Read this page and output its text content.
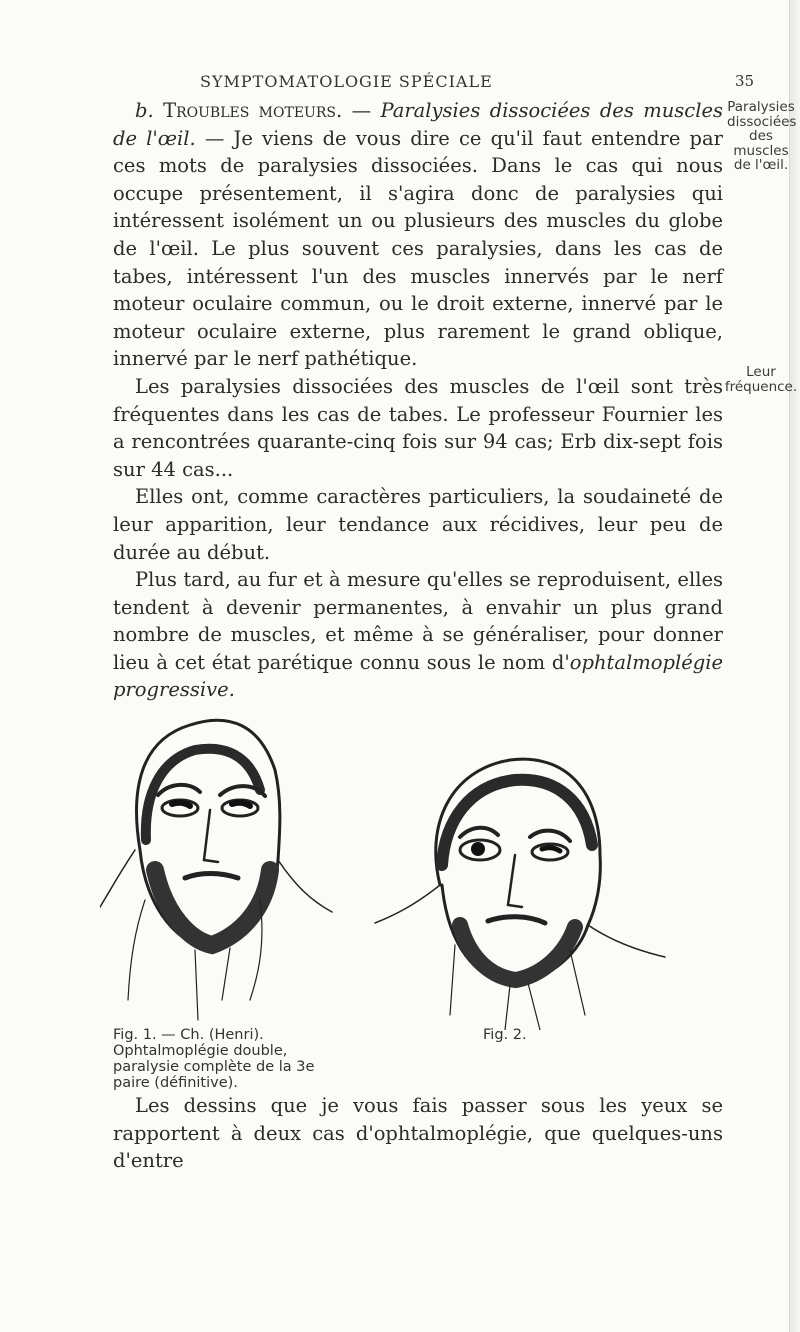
SYMPTOMATOLOGIE SPÉCIALE	35

b. Troubles moteurs. — Paralysies dissociées des muscles de l'œil. — Je viens de vous dire ce qu'il faut entendre par ces mots de paralysies dissociées. Dans le cas qui nous occupe présentement, il s'agira donc de paralysies qui intéressent isolément un ou plusieurs des muscles du globe de l'œil. Le plus souvent ces paralysies, dans les cas de tabes, intéressent l'un des muscles innervés par le nerf moteur oculaire commun, ou le droit externe, innervé par le moteur oculaire externe, plus rarement le grand oblique, innervé par le nerf pathétique.

Les paralysies dissociées des muscles de l'œil sont très fréquentes dans les cas de tabes. Le professeur Fournier les a rencontrées quarante-cinq fois sur 94 cas; Erb dix-sept fois sur 44 cas...

Elles ont, comme caractères particuliers, la soudaineté de leur apparition, leur tendance aux récidives, leur peu de durée au début.

Plus tard, au fur et à mesure qu'elles se reproduisent, elles tendent à devenir permanentes, à envahir un plus grand nombre de muscles, et même à se généraliser, pour donner lieu à cet état parétique connu sous le nom d'ophtalmoplégie progressive.

Paralysies dissociées des muscles de l'œil.
Leur fréquence.
Fig. 1. — Ch. (Henri). Ophtalmoplégie double, paralysie complète de la 3e paire (définitive).
Fig. 2.

Les dessins que je vous fais passer sous les yeux se rapportent à deux cas d'ophtalmoplégie, que quelques-uns d'entre
